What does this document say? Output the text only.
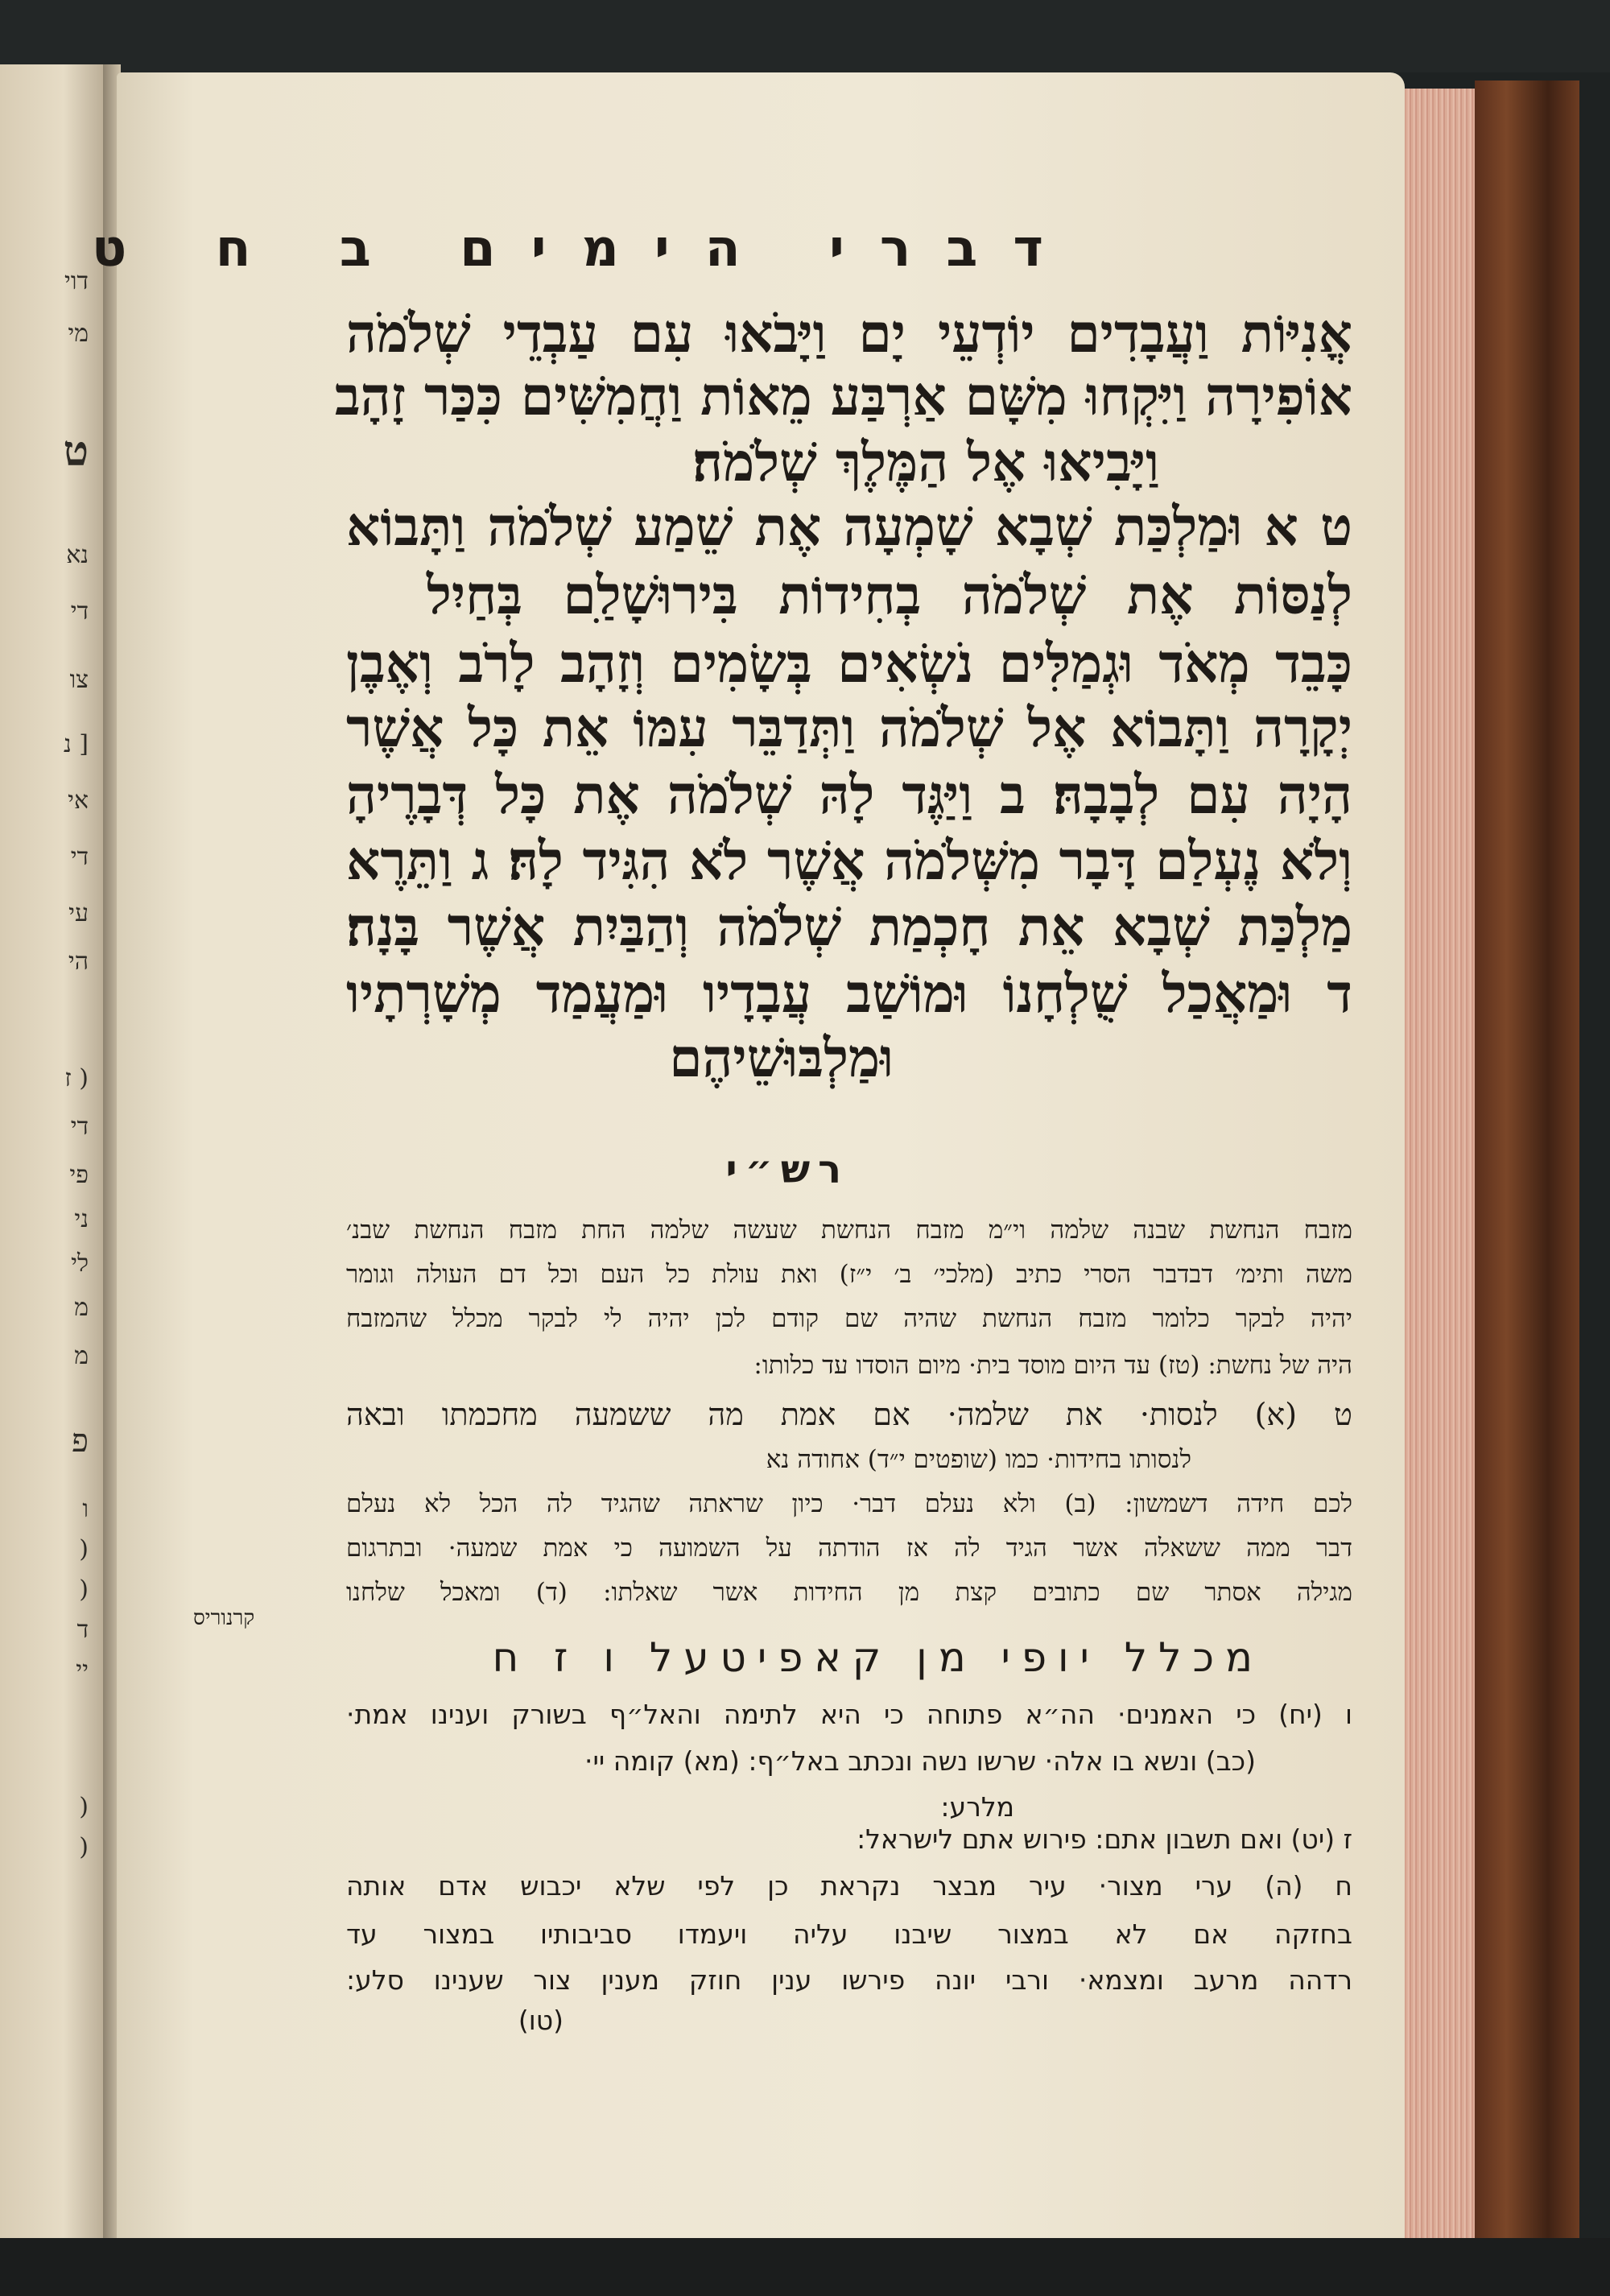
דוי
מי
ט
נא
די
צו
[ נ
אי
די
עי
הי
( ז
די
פי
ני
לי
מ
מ
פ
ו
(
(
ד
יי
(
(
דברי הימים ב ח ט
אֳנִיּוֹת וַעֲבָדִים יוֹדְעֵי יָם וַיָּבֹאוּ עִם עַבְדֵי שְׁלֹמֹה
אוֹפִירָה וַיִּקְחוּ מִשָּׁם אַרְבַּע מֵאוֹת וַחֲמִשִּׁים כִּכַּר זָהָב
וַיָּבִיאוּ אֶל הַמֶּלֶךְ שְׁלֹמֹה׃
ט א וּמַלְכַּת שְׁבָא שָׁמְעָה אֶת שֵׁמַע שְׁלֹמֹה וַתָּבוֹא
לְנַסּוֹת אֶת שְׁלֹמֹה בְחִידוֹת בִּירוּשָׁלַ‍ִם בְּחַיִל
כָּבֵד מְאֹד וּגְמַלִּים נֹשְׂאִים בְּשָׂמִים וְזָהָב לָרֹב וְאֶבֶן
יְקָרָה וַתָּבוֹא אֶל שְׁלֹמֹה וַתְּדַבֵּר עִמּוֹ אֵת כָּל אֲשֶׁר
הָיָה עִם לְבָבָהּ׃ ב וַיַּגֶּד לָהּ שְׁלֹמֹה אֶת כָּל דְּבָרֶיהָ
וְלֹא נֶעְלַם דָּבָר מִשְּׁלֹמֹה אֲשֶׁר לֹא הִגִּיד לָהּ׃ ג וַתֵּרֶא
מַלְכַּת שְׁבָא אֵת חָכְמַת שְׁלֹמֹה וְהַבַּיִת אֲשֶׁר בָּנָה׃
ד וּמַאֲכַל שֻׁלְחָנוֹ וּמוֹשַׁב עֲבָדָיו וּמַעֲמַד מְשָׁרְתָיו
וּמַלְבּוּשֵׁיהֶם
רש״י
מזבח הנחשת שבנה שלמה וי״מ מזבח הנחשת שעשה שלמה החת מזבח הנחשת שבנ׳
משה ותימ׳ דבדבר הסרי כתיב (מלכי׳ ב׳ י״ז) ואת עולת כל העם וכל דם העולה וגומר
יהיה לבקר כלומר מזבח הנחשת שהיה שם קודם לכן יהיה לי לבקר מכלל שהמזבח
היה של נחשת: (טז) עד היום מוסד בית· מיום הוסדו עד כלותו:
ט (א) לנסות· את שלמה· אם אמת מה ששמעה מחכמתו ובאה
לנסותו בחידות· כמו (שופטים י״ד) אחודה נא
לכם חידה דשמשון: (ב) ולא נעלם דבר· כיון שראתה שהגיד לה הכל לא נעלם
דבר ממה ששאלה אשר הגיד לה אז הודתה על השמועה כי אמת שמעה· ובתרגום
מגילה אסתר שם כתובים קצת מן החידות אשר שאלתו: (ד) ומאכל שלחנו
קרנוריס
מכלל יופי מן קאפיטעל ו ז ח
ו (יח) כי האמנים· הה״א פתוחה כי היא לתימה והאל״ף בשורק וענינו אמת·
(כב) ונשא בו אלה· שרשו נשה ונכתב באל״ף: (מא) קומה יי·
מלרע:
ז (יט) ואם תשבון אתם: פירוש אתם לישראל:
ח (ה) ערי מצור· עיר מבצר נקראת כן לפי שלא יכבוש אדם אותה
בחזקה אם לא במצור שיבנו עליה ויעמדו סביבותיו במצור עד
רדהה מרעב ומצמא· ורבי יונה פירשו ענין חוזק מענין צור שענינו סלע:
(טו)
